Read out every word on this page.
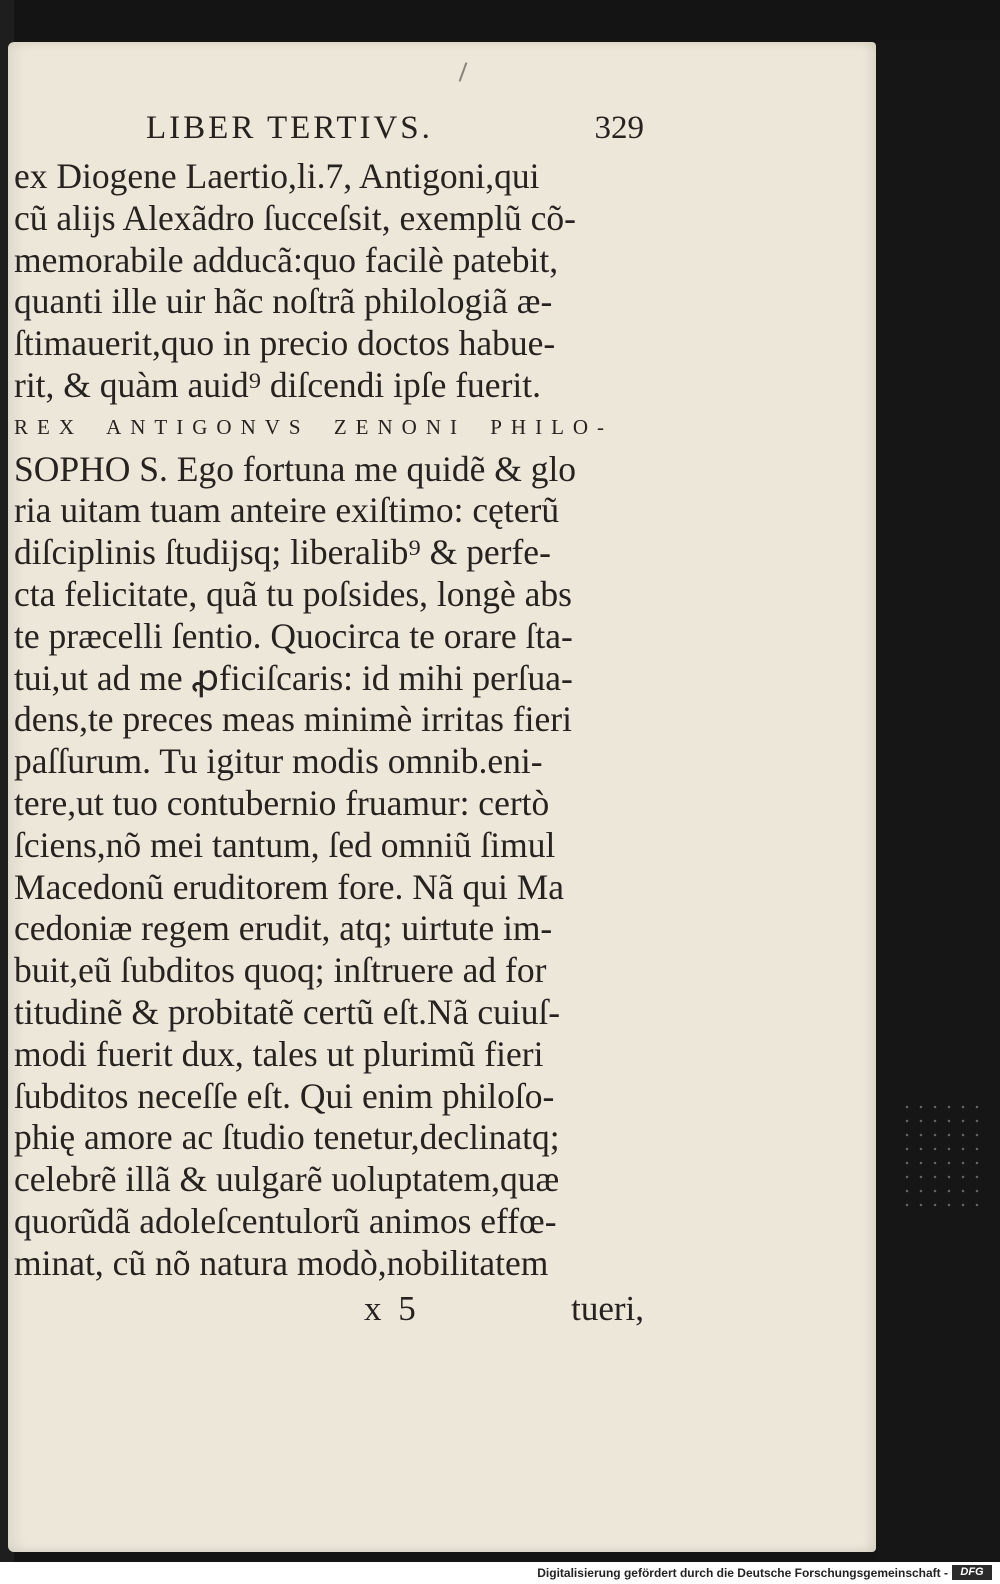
LIBER TERTIVS.	329
ex Diogene Laertio,li.7, Antigoni,qui
cũ alijs Alexãdro ſucceſsit, exemplũ cõ-
memorabile adducã:quo facilè patebit,
quanti ille uir hãc noſtrã philologiã æ-
ſtimauerit,quo in precio doctos habue-
rit, & quàm auid⁹ diſcendi ipſe fuerit.
REX ANTIGONVS ZENONI PHILO-
SOPHO S. Ego fortuna me quidẽ & glo
ria uitam tuam anteire exiſtimo: cęterũ
diſciplinis ſtudijsq; liberalib⁹ & perfe-
cta felicitate, quã tu poſsides, longè abs
te præcelli ſentio. Quocirca te orare ſta-
tui,ut ad me ꝓficiſcaris: id mihi perſua-
dens,te preces meas minimè irritas fieri
paſſurum. Tu igitur modis omnib.eni-
tere,ut tuo contubernio fruamur: certò
ſciens,nõ mei tantum, ſed omniũ ſimul
Macedonũ eruditorem fore. Nã qui Ma
cedoniæ regem erudit, atq; uirtute im-
buit,eũ ſubditos quoq; inſtruere ad for
titudinẽ & probitatẽ certũ eſt.Nã cuiuſ-
modi fuerit dux, tales ut plurimũ fieri
ſubditos neceſſe eſt. Qui enim philoſo-
phię amore ac ſtudio tenetur,declinatq;
celebrẽ illã & uulgarẽ uoluptatem,quæ
quorũdã adoleſcentulorũ animos effœ-
minat, cũ nõ natura modò,nobilitatem
x 5	tueri,
Digitalisierung gefördert durch die Deutsche Forschungsgemeinschaft -	DFG
